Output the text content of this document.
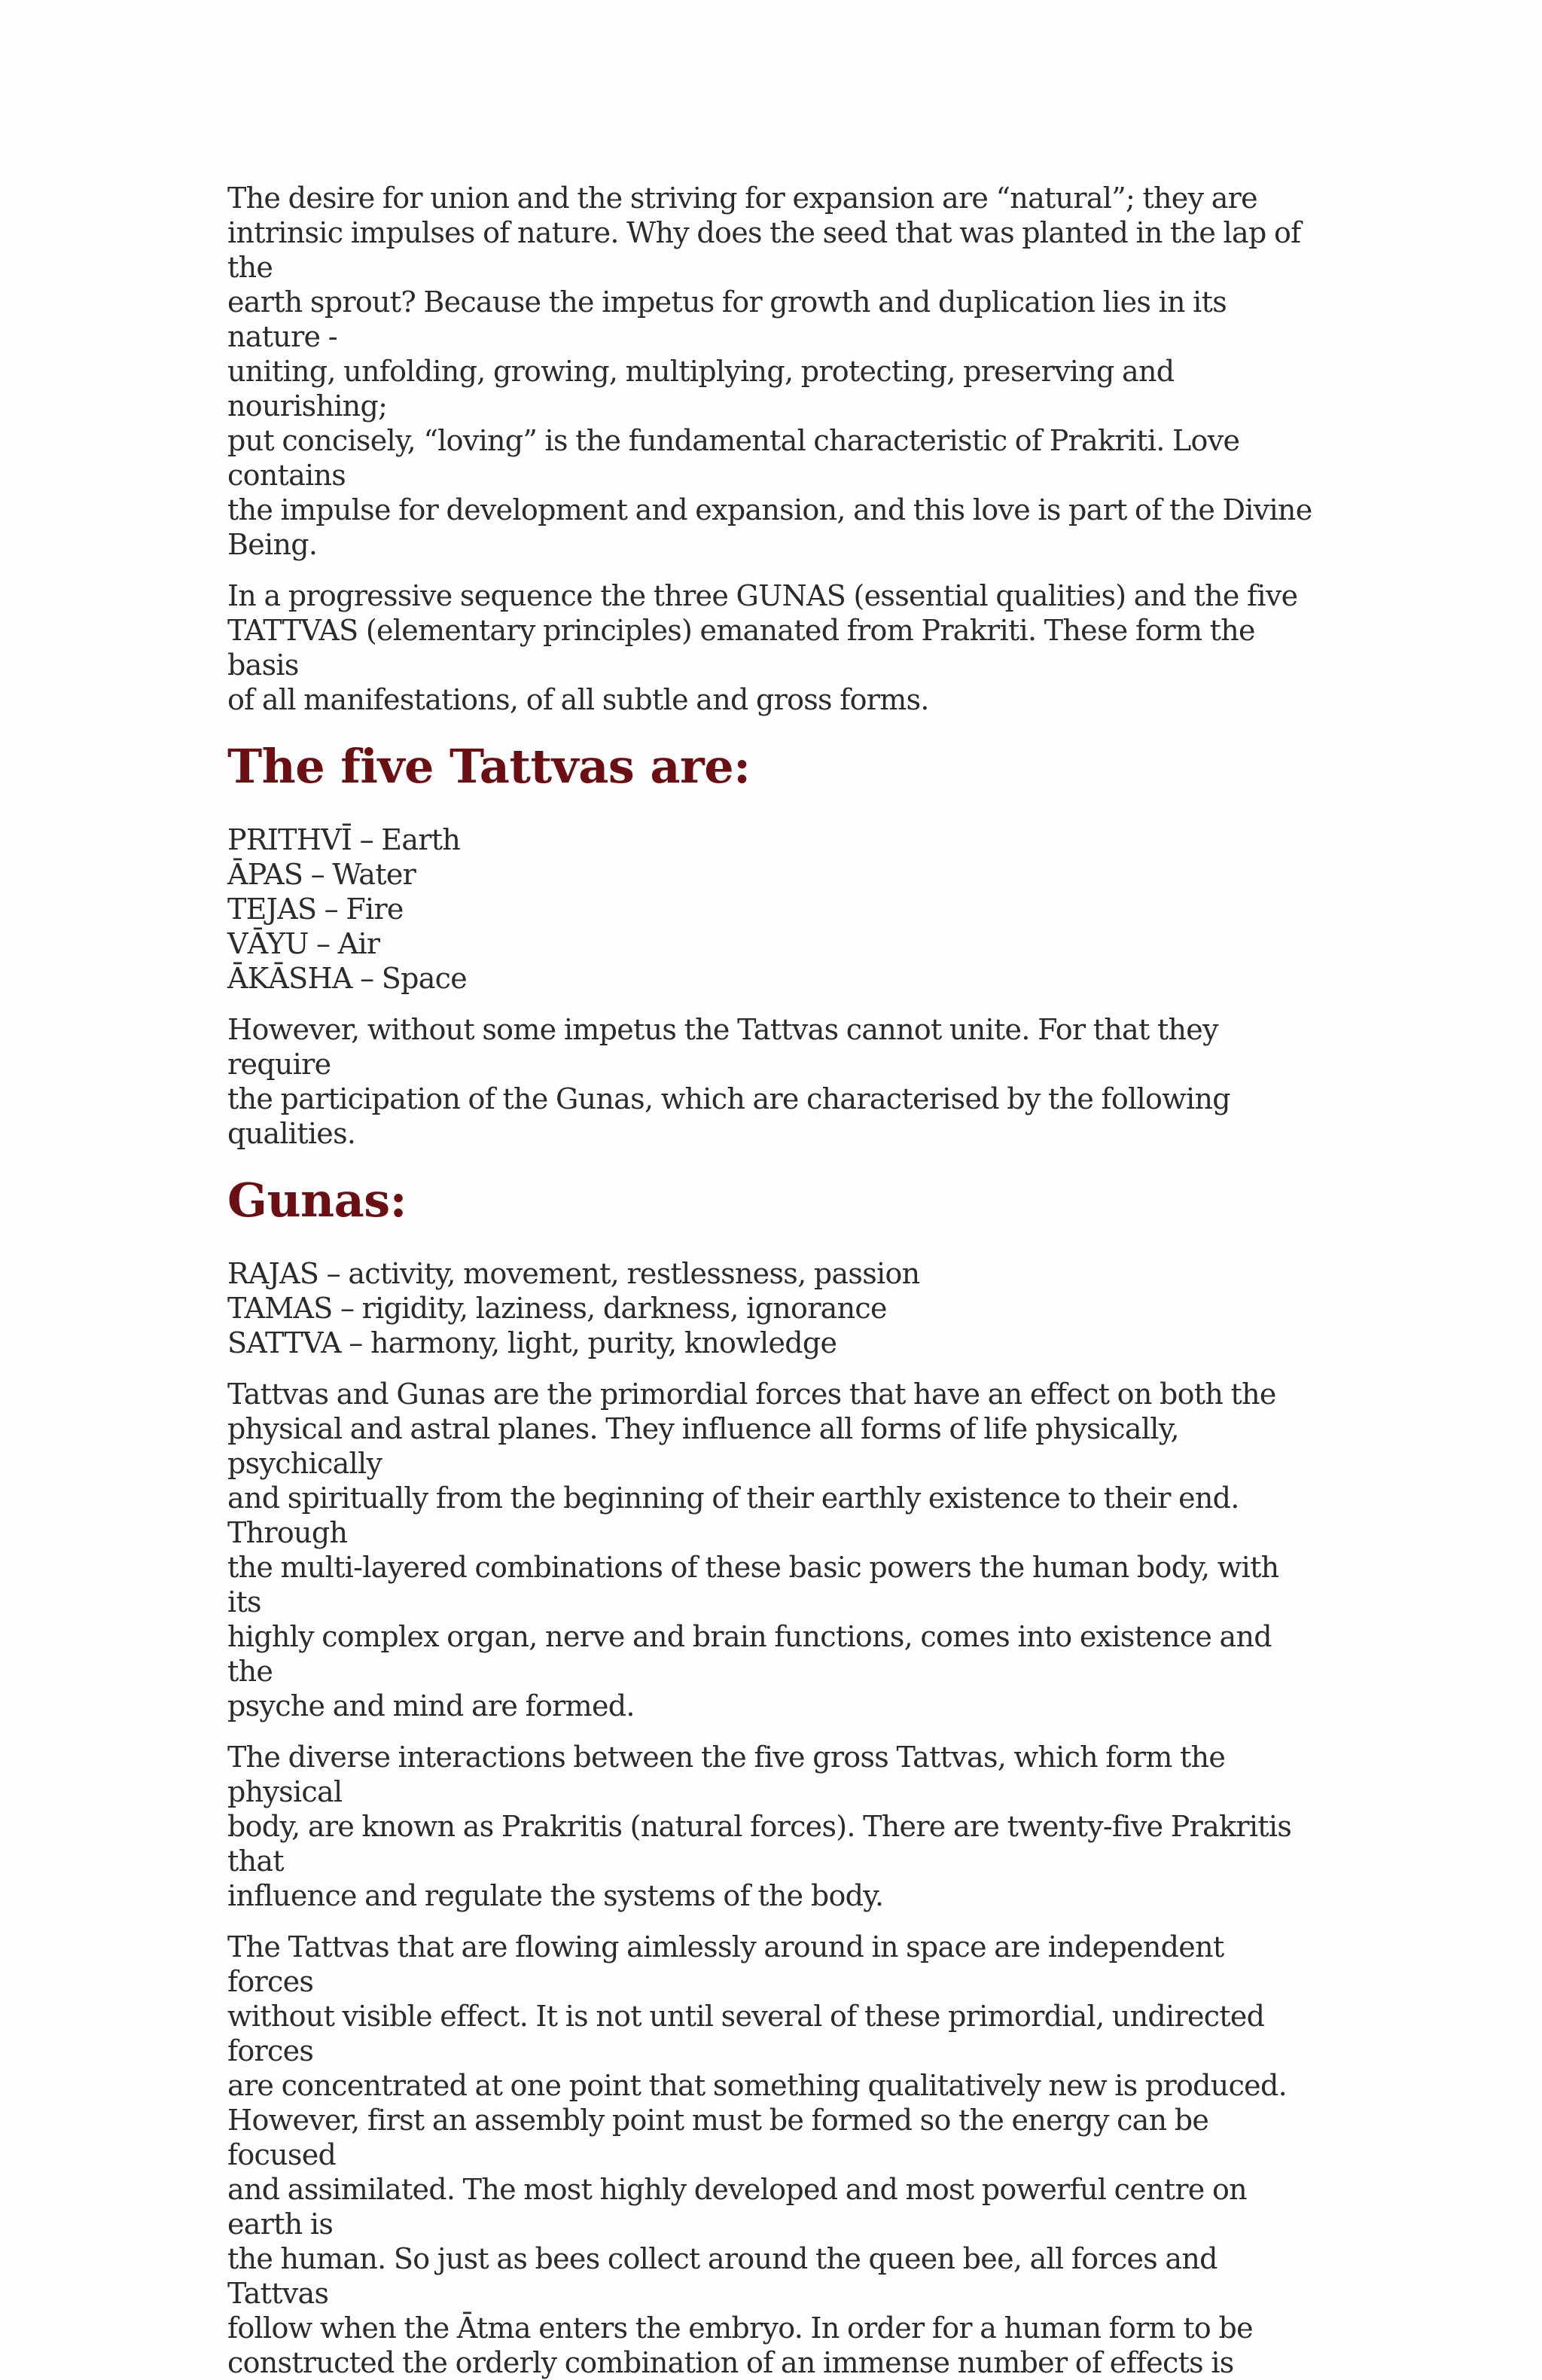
The desire for union and the striving for expansion are “natural”; they are
intrinsic impulses of nature. Why does the seed that was planted in the lap of the
earth sprout? Because the impetus for growth and duplication lies in its nature -
uniting, unfolding, growing, multiplying, protecting, preserving and nourishing;
put concisely, “loving” is the fundamental characteristic of Prakriti. Love contains
the impulse for development and expansion, and this love is part of the Divine
Being.

In a progressive sequence the three GUNAS (essential qualities) and the five
TATTVAS (elementary principles) emanated from Prakriti. These form the basis
of all manifestations, of all subtle and gross forms.

The five Tattvas are:
PRITHVĪ – Earth
ĀPAS – Water
TEJAS – Fire
VĀYU – Air
ĀKĀSHA – Space

However, without some impetus the Tattvas cannot unite. For that they require
the participation of the Gunas, which are characterised by the following qualities.

Gunas:
RAJAS – activity, movement, restlessness, passion
TAMAS – rigidity, laziness, darkness, ignorance
SATTVA – harmony, light, purity, knowledge

Tattvas and Gunas are the primordial forces that have an effect on both the
physical and astral planes. They influence all forms of life physically, psychically
and spiritually from the beginning of their earthly existence to their end. Through
the multi-layered combinations of these basic powers the human body, with its
highly complex organ, nerve and brain functions, comes into existence and the
psyche and mind are formed.

The diverse interactions between the five gross Tattvas, which form the physical
body, are known as Prakritis (natural forces). There are twenty-five Prakritis that
influence and regulate the systems of the body.

The Tattvas that are flowing aimlessly around in space are independent forces
without visible effect. It is not until several of these primordial, undirected forces
are concentrated at one point that something qualitatively new is produced.
However, first an assembly point must be formed so the energy can be focused
and assimilated. The most highly developed and most powerful centre on earth is
the human. So just as bees collect around the queen bee, all forces and Tattvas
follow when the Ātma enters the embryo. In order for a human form to be
constructed the orderly combination of an immense number of effects is
